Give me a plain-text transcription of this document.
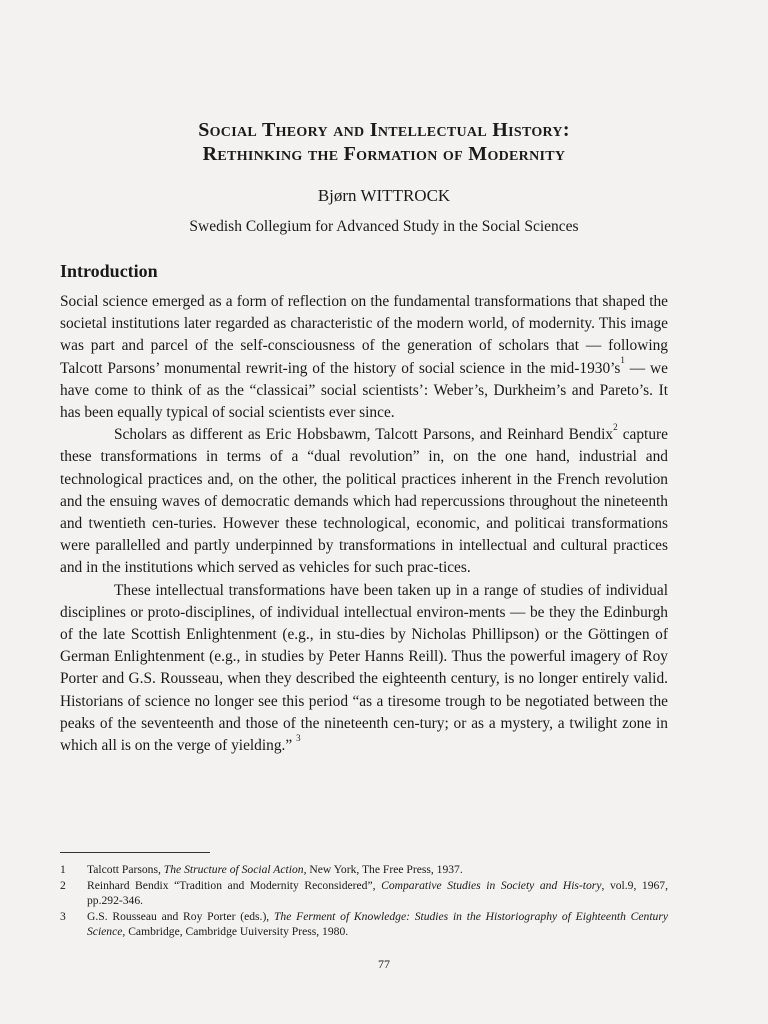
Social Theory and Intellectual History:
Rethinking the Formation of Modernity
Bjørn WITTROCK
Swedish Collegium for Advanced Study in the Social Sciences
Introduction

Social science emerged as a form of reflection on the fundamental transformations that shaped the societal institutions later regarded as characteristic of the modern world, of modernity. This image was part and parcel of the self-consciousness of the generation of scholars that — following Talcott Parsons’ monumental rewrit-ing of the history of social science in the mid-$1930’s^1$ — we have come to think of as the “classicai” social scientists’: Weber’s, Durkheim’s and Pareto’s. It has been equally typical of social scientists ever since.

Scholars as different as Eric Hobsbawm, Talcott Parsons, and Reinhard Bendix$^2$ capture these transformations in terms of a “dual revolution” in, on the one hand, industrial and technological practices and, on the other, the political practices inherent in the French revolution and the ensuing waves of democratic demands which had repercussions throughout the nineteenth and twentieth cen-turies. However these technological, economic, and politicai transformations were parallelled and partly underpinned by transformations in intellectual and cultural practices and in the institutions which served as vehicles for such prac-tices.

These intellectual transformations have been taken up in a range of studies of individual disciplines or proto-disciplines, of individual intellectual environ-ments — be they the Edinburgh of the late Scottish Enlightenment (e.g., in stu-dies by Nicholas Phillipson) or the Göttingen of German Enlightenment (e.g., in studies by Peter Hanns Reill). Thus the powerful imagery of Roy Porter and G.S. Rousseau, when they described the eighteenth century, is no longer entirely valid. Historians of science no longer see this period “as a tiresome trough to be negotiated between the peaks of the seventeenth and those of the nineteenth cen-tury; or as a mystery, a twilight zone in which all is on the verge of yielding.” $^3$

1	Talcott Parsons, The Structure of Social Action, New York, The Free Press, 1937.
2	Reinhard Bendix “Tradition and Modernity Reconsidered”, Comparative Studies in Society and His-tory, vol.9, 1967, pp.292-346.
3	G.S. Rousseau and Roy Porter (eds.), The Ferment of Knowledge: Studies in the Historiography of Eighteenth Century Science, Cambridge, Cambridge Uuiversity Press, 1980.
77
